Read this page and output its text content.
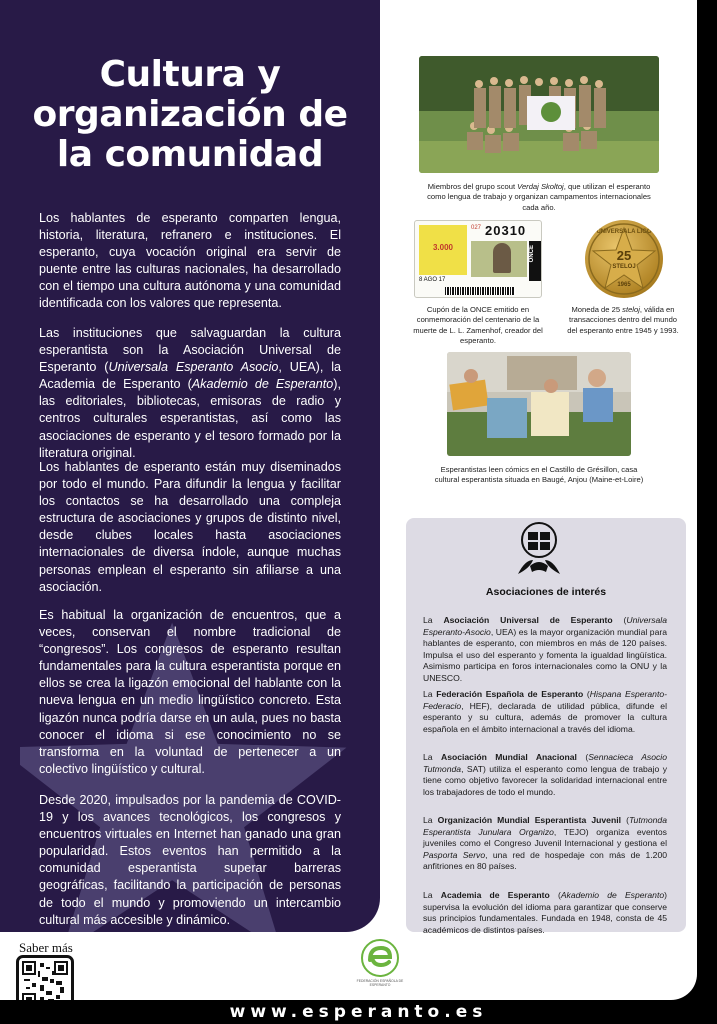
Cultura y organización de la comunidad

Los hablantes de esperanto comparten lengua, historia, literatura, refranero e instituciones. El esperanto, cuya vocación original era servir de puente entre las culturas nacionales, ha desarrollado con el tiempo una cultura autónoma y una comunidad identificada con los valores que representa.

Las instituciones que salvaguardan la cultura esperantista son la Asociación Universal de Esperanto (Universala Esperanto Asocio, UEA), la Academia de Esperanto (Akademio de Esperanto), las editoriales, bibliotecas, emisoras de radio y centros culturales esperantistas, así como las asociaciones de esperanto y el tesoro formado por la literatura original.

Los hablantes de esperanto están muy diseminados por todo el mundo. Para difundir la lengua y facilitar los contactos se ha desarrollado una compleja estructura de asociaciones y grupos de distinto nivel, desde clubes locales hasta asociaciones internacionales de diversa índole, aunque muchas personas emplean el esperanto sin afiliarse a una asociación.

Es habitual la organización de encuentros, que a veces, conservan el nombre tradicional de “congresos”. Los congresos de esperanto resultan fundamentales para la cultura esperantista porque en ellos se crea la ligazón emocional del hablante con la nueva lengua en un medio lingüístico concreto. Esta ligazón nunca podría darse en un aula, pues no basta conocer el idioma si ese conocimiento no se transforma en la voluntad de pertenecer a un colectivo lingüístico y cultural.

Desde 2020, impulsados por la pandemia de COVID-19 y los avances tecnológicos, los congresos y encuentros virtuales en Internet han ganado una gran popularidad. Estos eventos han permitido a la comunidad esperantista superar barreras geográficas, facilitando la participación de personas de todo el mundo y promoviendo un intercambio cultural más accesible y dinámico.

Miembros del grupo scout Verdaj Skoltoj, que utilizan el esperanto como lengua de trabajo y organizan campamentos internacionales cada año.

3.000
027 20310
ONCE
8 AGO 17

Cupón de la ONCE emitido en conmemoración del centenario de la muerte de L. L. Zamenhof, creador del esperanto.

UNIVERSALA LIGO
25
STELOJ
1965

Moneda de 25 steloj, válida en transacciones dentro del mundo del esperanto entre 1945 y 1993.

Esperantistas leen cómics en el Castillo de Grésillon, casa cultural esperantista situada en Baugé, Anjou (Maine-et-Loire)

Asociaciones de interés

La Asociación Universal de Esperanto (Universala Esperanto-Asocio, UEA) es la mayor organización mundial para hablantes de esperanto, con miembros en más de 120 países. Impulsa el uso del esperanto y fomenta la igualdad lingüística. Asimismo participa en foros internacionales como la ONU y la UNESCO.

La Federación Española de Esperanto (Hispana Esperanto-Federacio, HEF), declarada de utilidad pública, difunde el esperanto y su cultura, además de promover la cultura española en el ámbito internacional a través del idioma.

La Asociación Mundial Anacional (Sennacieca Asocio Tutmonda, SAT) utiliza el esperanto como lengua de trabajo y tiene como objetivo favorecer la solidaridad internacional entre los trabajadores de todo el mundo.

La Organización Mundial Esperantista Juvenil (Tutmonda Esperantista Junulara Organizo, TEJO) organiza eventos juveniles como el Congreso Juvenil Internacional y gestiona el Pasporta Servo, una red de hospedaje con más de 1.200 anfitriones en 80 países.

La Academia de Esperanto (Akademio de Esperanto) supervisa la evolución del idioma para garantizar que conserve sus principios fundamentales. Fundada en 1948, consta de 45 académicos de distintos países.

Saber más
FEDERACIÓN ESPAÑOLA DE ESPERANTO
www.esperanto.es
